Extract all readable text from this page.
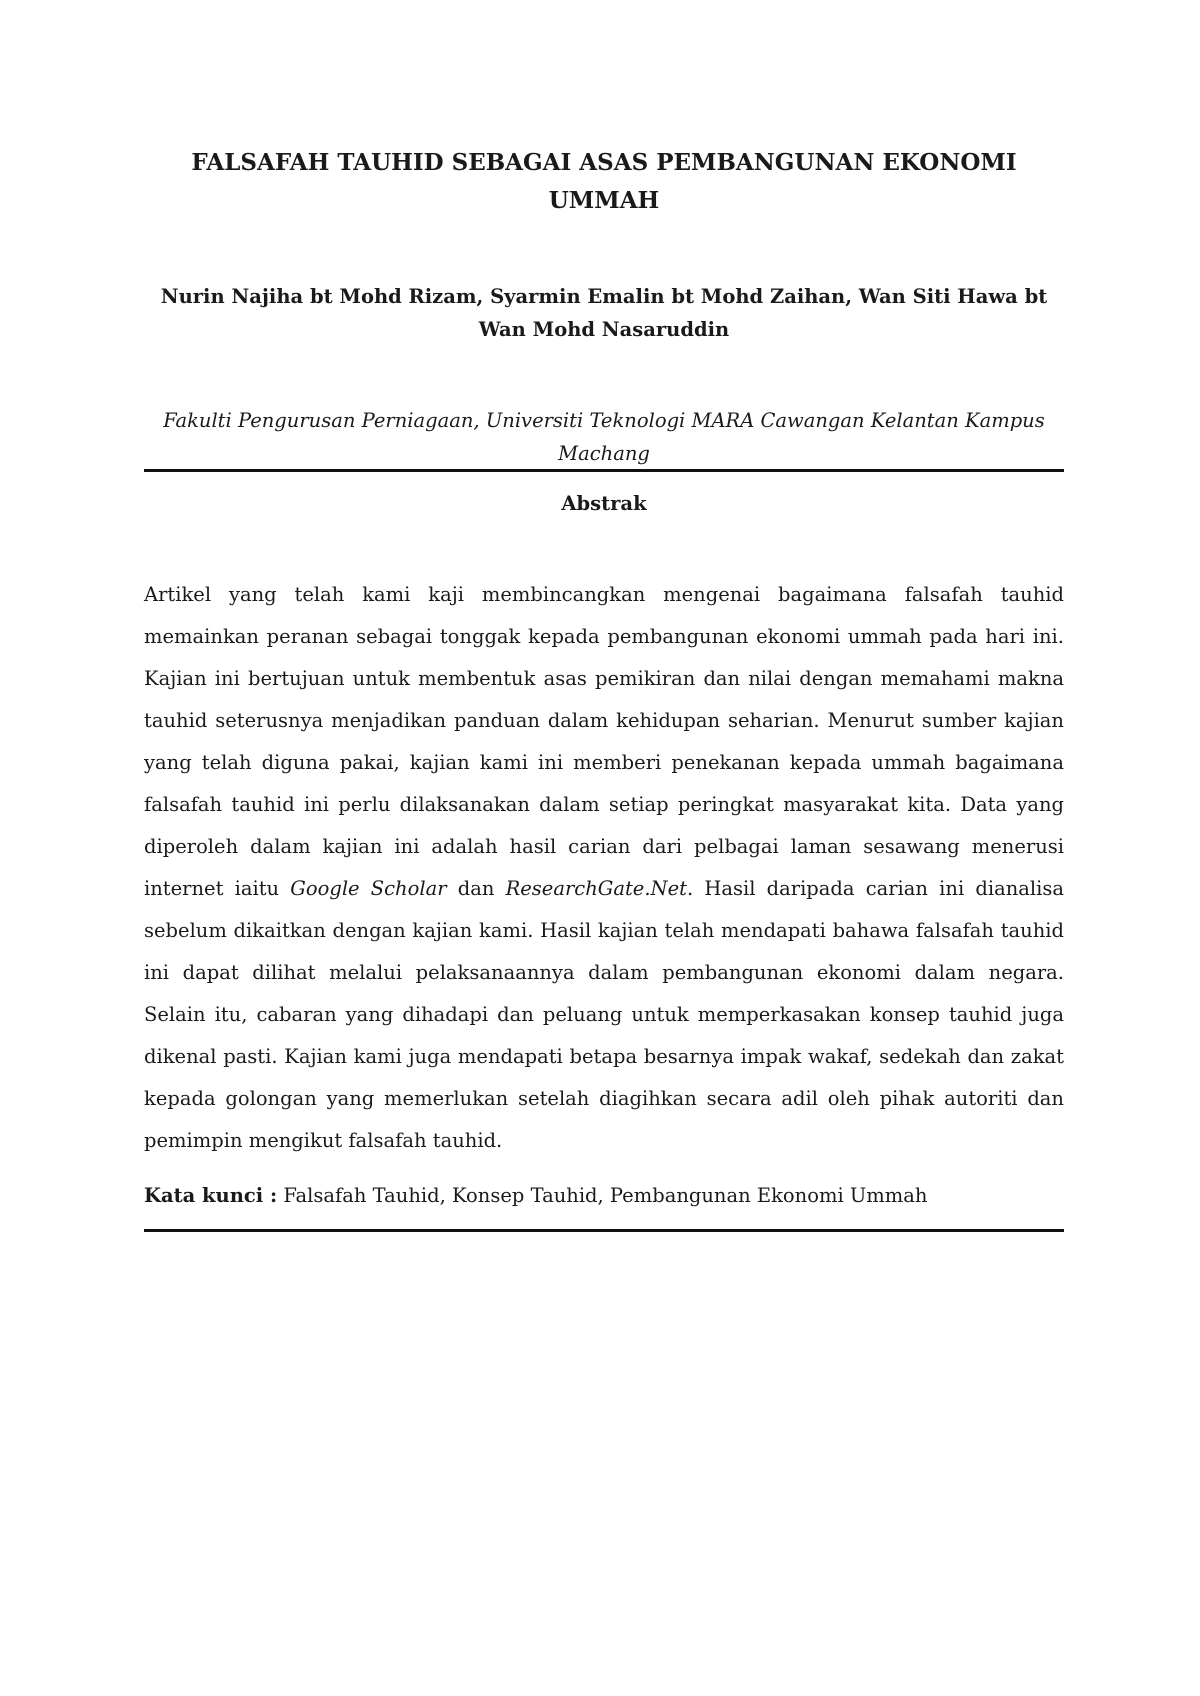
FALSAFAH TAUHID SEBAGAI ASAS PEMBANGUNAN EKONOMI UMMAH

Nurin Najiha bt Mohd Rizam, Syarmin Emalin bt Mohd Zaihan, Wan Siti Hawa bt Wan Mohd Nasaruddin

Fakulti Pengurusan Perniagaan, Universiti Teknologi MARA Cawangan Kelantan Kampus Machang

Abstrak

Artikel yang telah kami kaji membincangkan mengenai bagaimana falsafah tauhid memainkan peranan sebagai tonggak kepada pembangunan ekonomi ummah pada hari ini. Kajian ini bertujuan untuk membentuk asas pemikiran dan nilai dengan memahami makna tauhid seterusnya menjadikan panduan dalam kehidupan seharian. Menurut sumber kajian yang telah diguna pakai, kajian kami ini memberi penekanan kepada ummah bagaimana falsafah tauhid ini perlu dilaksanakan dalam setiap peringkat masyarakat kita. Data yang diperoleh dalam kajian ini adalah hasil carian dari pelbagai laman sesawang menerusi internet iaitu Google Scholar dan ResearchGate.Net. Hasil daripada carian ini dianalisa sebelum dikaitkan dengan kajian kami. Hasil kajian telah mendapati bahawa falsafah tauhid ini dapat dilihat melalui pelaksanaannya dalam pembangunan ekonomi dalam negara. Selain itu, cabaran yang dihadapi dan peluang untuk memperkasakan konsep tauhid juga dikenal pasti. Kajian kami juga mendapati betapa besarnya impak wakaf, sedekah dan zakat kepada golongan yang memerlukan setelah diagihkan secara adil oleh pihak autoriti dan pemimpin mengikut falsafah tauhid.

Kata kunci : Falsafah Tauhid, Konsep Tauhid, Pembangunan Ekonomi Ummah
